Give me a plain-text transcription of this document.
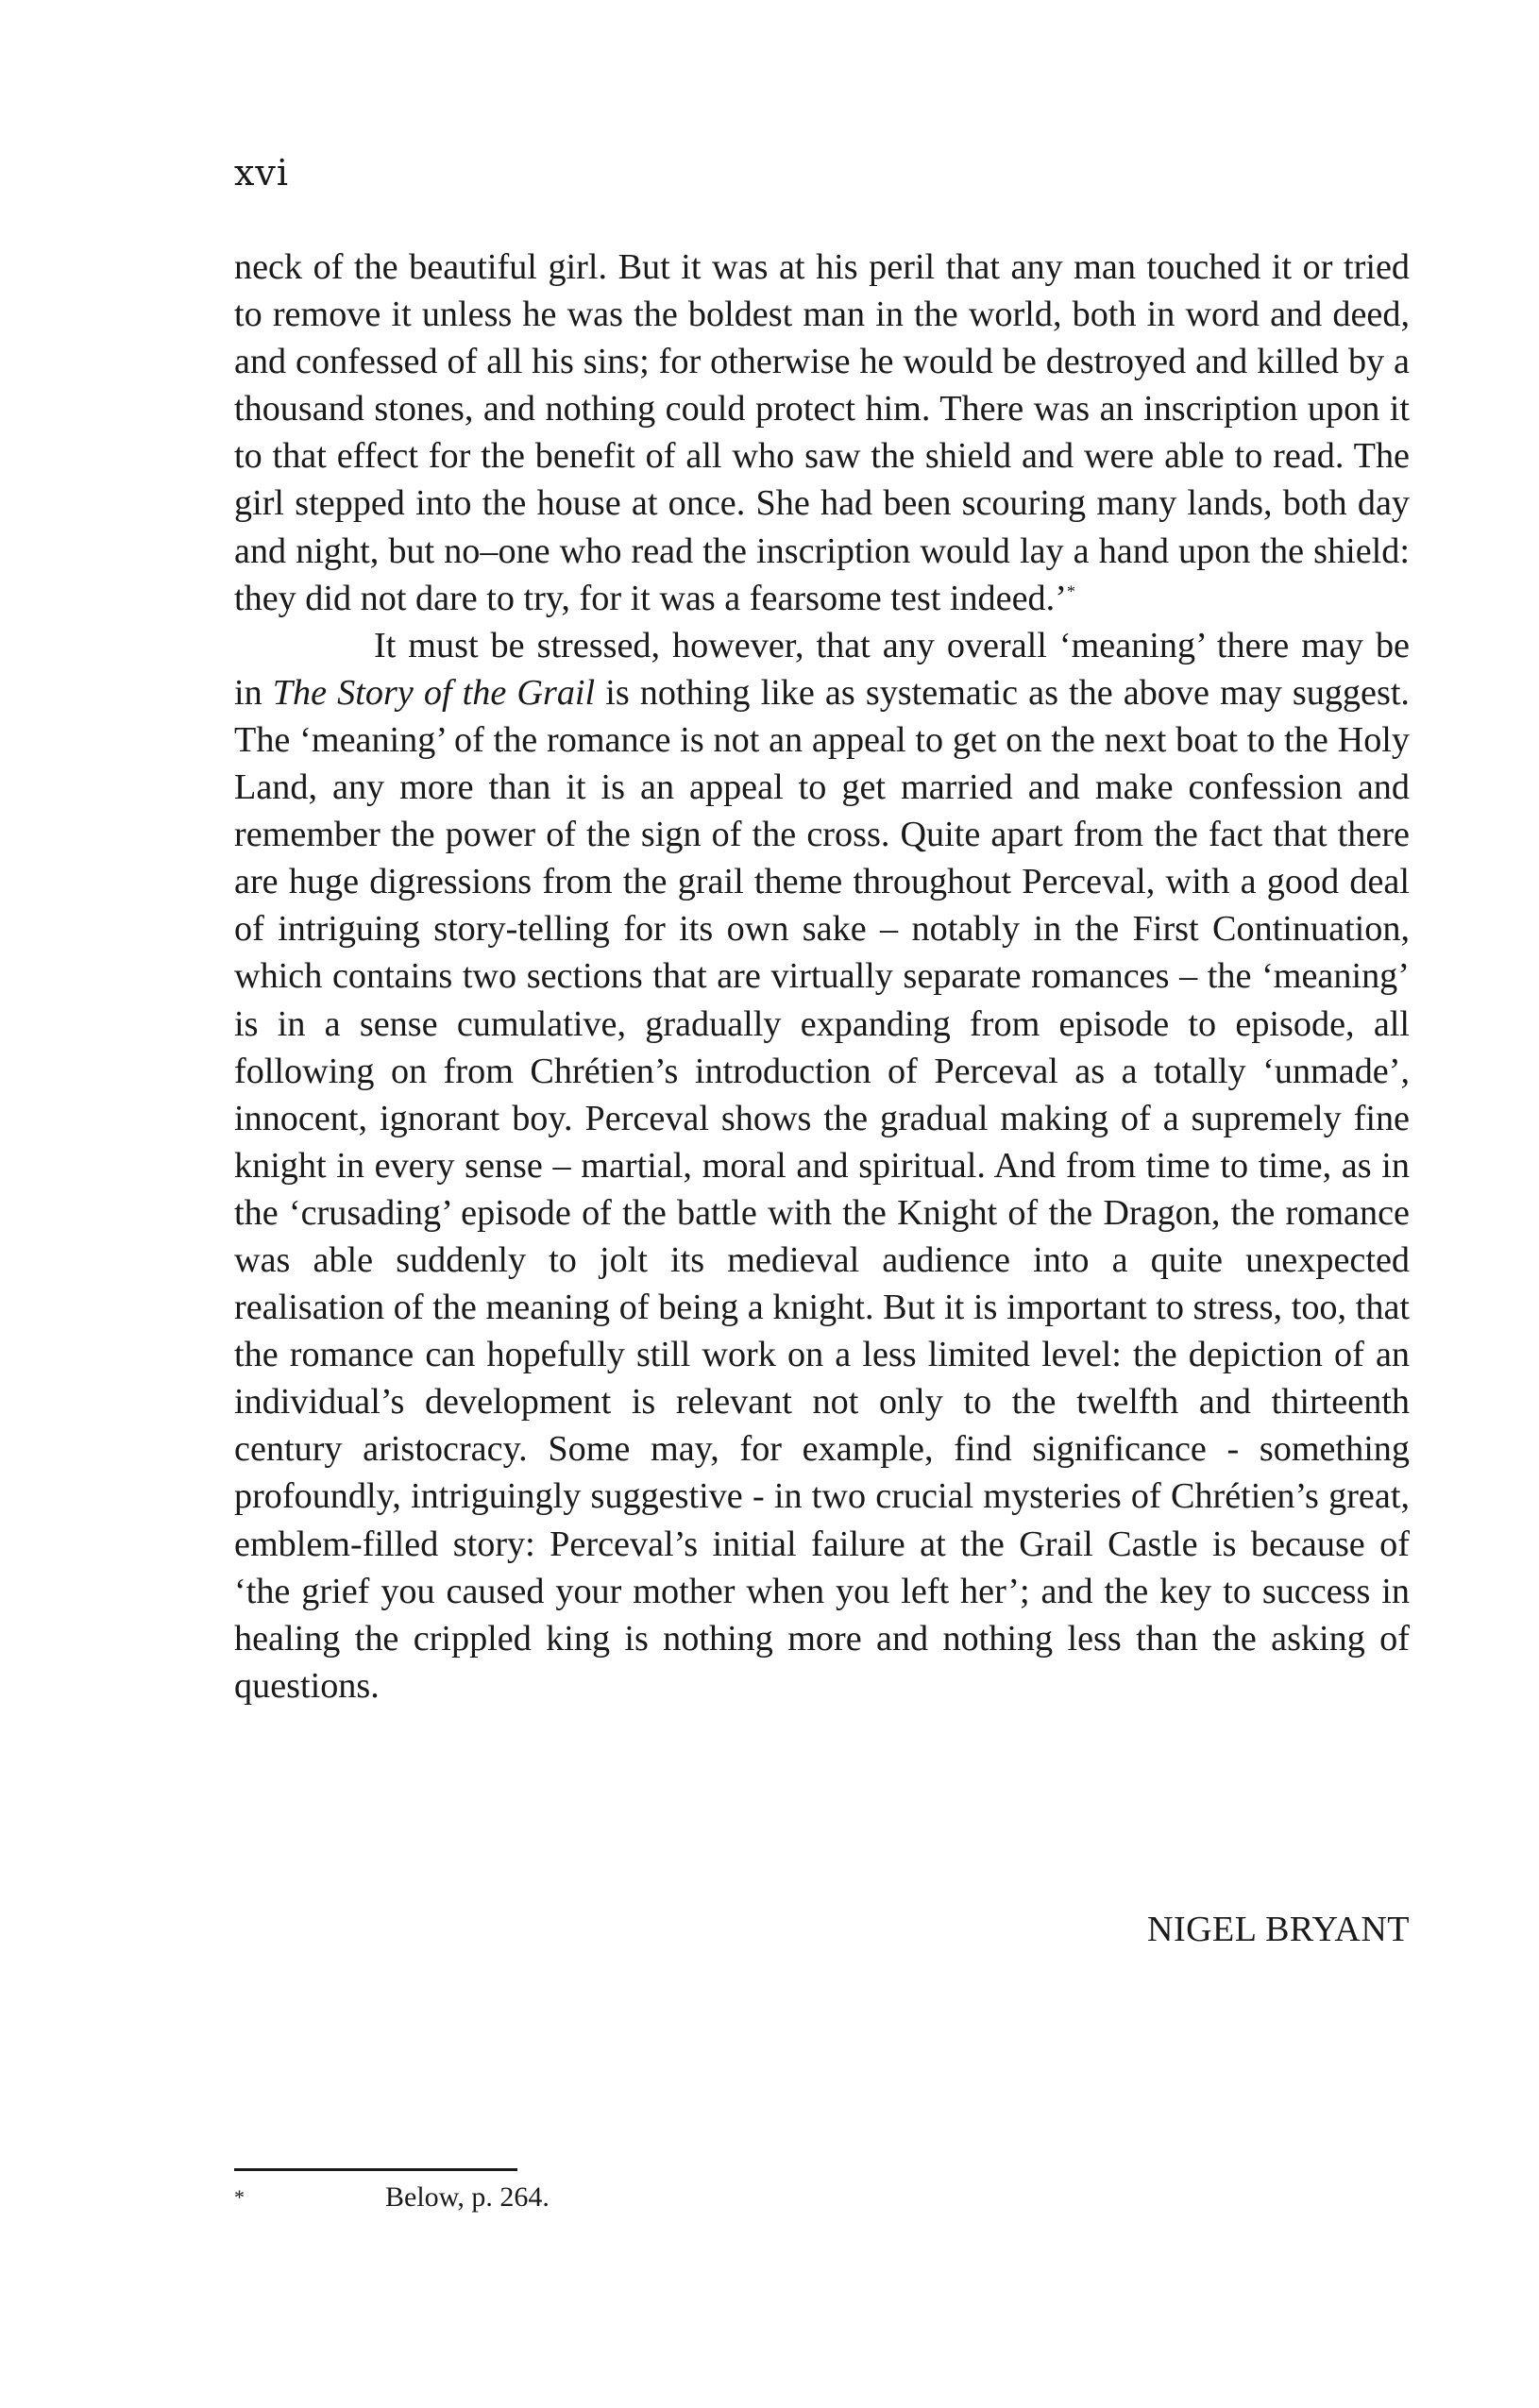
xvi

neck of the beautiful girl. But it was at his peril that any man touched it or tried to remove it unless he was the boldest man in the world, both in word and deed, and confessed of all his sins; for otherwise he would be destroyed and killed by a thousand stones, and nothing could protect him. There was an inscription upon it to that effect for the benefit of all who saw the shield and were able to read. The girl stepped into the house at once. She had been scouring many lands, both day and night, but no–one who read the inscription would lay a hand upon the shield: they did not dare to try, for it was a fearsome test indeed.’*

It must be stressed, however, that any overall ‘meaning’ there may be in The Story of the Grail is nothing like as systematic as the above may suggest. The ‘meaning’ of the romance is not an appeal to get on the next boat to the Holy Land, any more than it is an appeal to get married and make confession and remember the power of the sign of the cross. Quite apart from the fact that there are huge digressions from the grail theme throughout Perceval, with a good deal of intriguing story-telling for its own sake – notably in the First Continuation, which contains two sections that are virtually separate romances – the ‘meaning’ is in a sense cumulative, gradually expanding from episode to episode, all following on from Chrétien’s introduction of Perceval as a totally ‘unmade’, innocent, ignorant boy. Perceval shows the gradual making of a supremely fine knight in every sense – martial, moral and spiritual. And from time to time, as in the ‘crusading’ episode of the battle with the Knight of the Dragon, the romance was able suddenly to jolt its medieval audience into a quite unexpected realisation of the meaning of being a knight. But it is important to stress, too, that the romance can hopefully still work on a less limited level: the depiction of an individual’s development is relevant not only to the twelfth and thirteenth century aristocracy. Some may, for example, find significance - something profoundly, intriguingly suggestive - in two crucial mysteries of Chrétien’s great, emblem-filled story: Perceval’s initial failure at the Grail Castle is because of ‘the grief you caused your mother when you left her’; and the key to success in healing the crippled king is nothing more and nothing less than the asking of questions.

NIGEL BRYANT
*	Below, p. 264.
